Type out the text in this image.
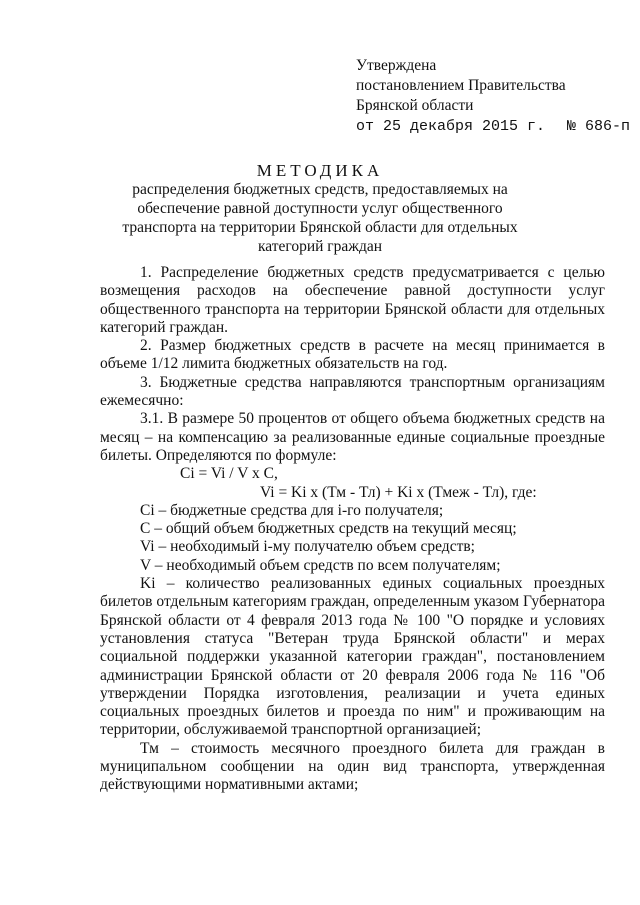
Утверждена
постановлением Правительства
Брянской области
от 25 декабря 2015 г. № 686-п
МЕТОДИКА
распределения бюджетных средств, предоставляемых на обеспечение равной доступности услуг общественного транспорта на территории Брянской области для отдельных категорий граждан

1. Распределение бюджетных средств предусматривается с целью возмещения расходов на обеспечение равной доступности услуг общественного транспорта на территории Брянской области для отдельных категорий граждан.

2. Размер бюджетных средств в расчете на месяц принимается в объеме 1/12 лимита бюджетных обязательств на год.

3. Бюджетные средства направляются транспортным организациям ежемесячно:

3.1. В размере 50 процентов от общего объема бюджетных средств на месяц – на компенсацию за реализованные единые социальные проездные билеты. Определяются по формуле:

Ci = Vi / V x C,

Vi = Ki x (Тм - Тл) + Ki x (Тмеж - Тл), где:

Ci – бюджетные средства для i-го получателя;

C – общий объем бюджетных средств на текущий месяц;

Vi – необходимый i-му получателю объем средств;

V – необходимый объем средств по всем получателям;

Ki – количество реализованных единых социальных проездных билетов отдельным категориям граждан, определенным указом Губернатора Брянской области от 4 февраля 2013 года № 100 "О порядке и условиях установления статуса "Ветеран труда Брянской области" и мерах социальной поддержки указанной категории граждан", постановлением администрации Брянской области от 20 февраля 2006 года № 116 "Об утверждении Порядка изготовления, реализации и учета единых социальных проездных билетов и проезда по ним" и проживающим на территории, обслуживаемой транспортной организацией;

Тм – стоимость месячного проездного билета для граждан в муниципальном сообщении на один вид транспорта, утвержденная действующими нормативными актами;
